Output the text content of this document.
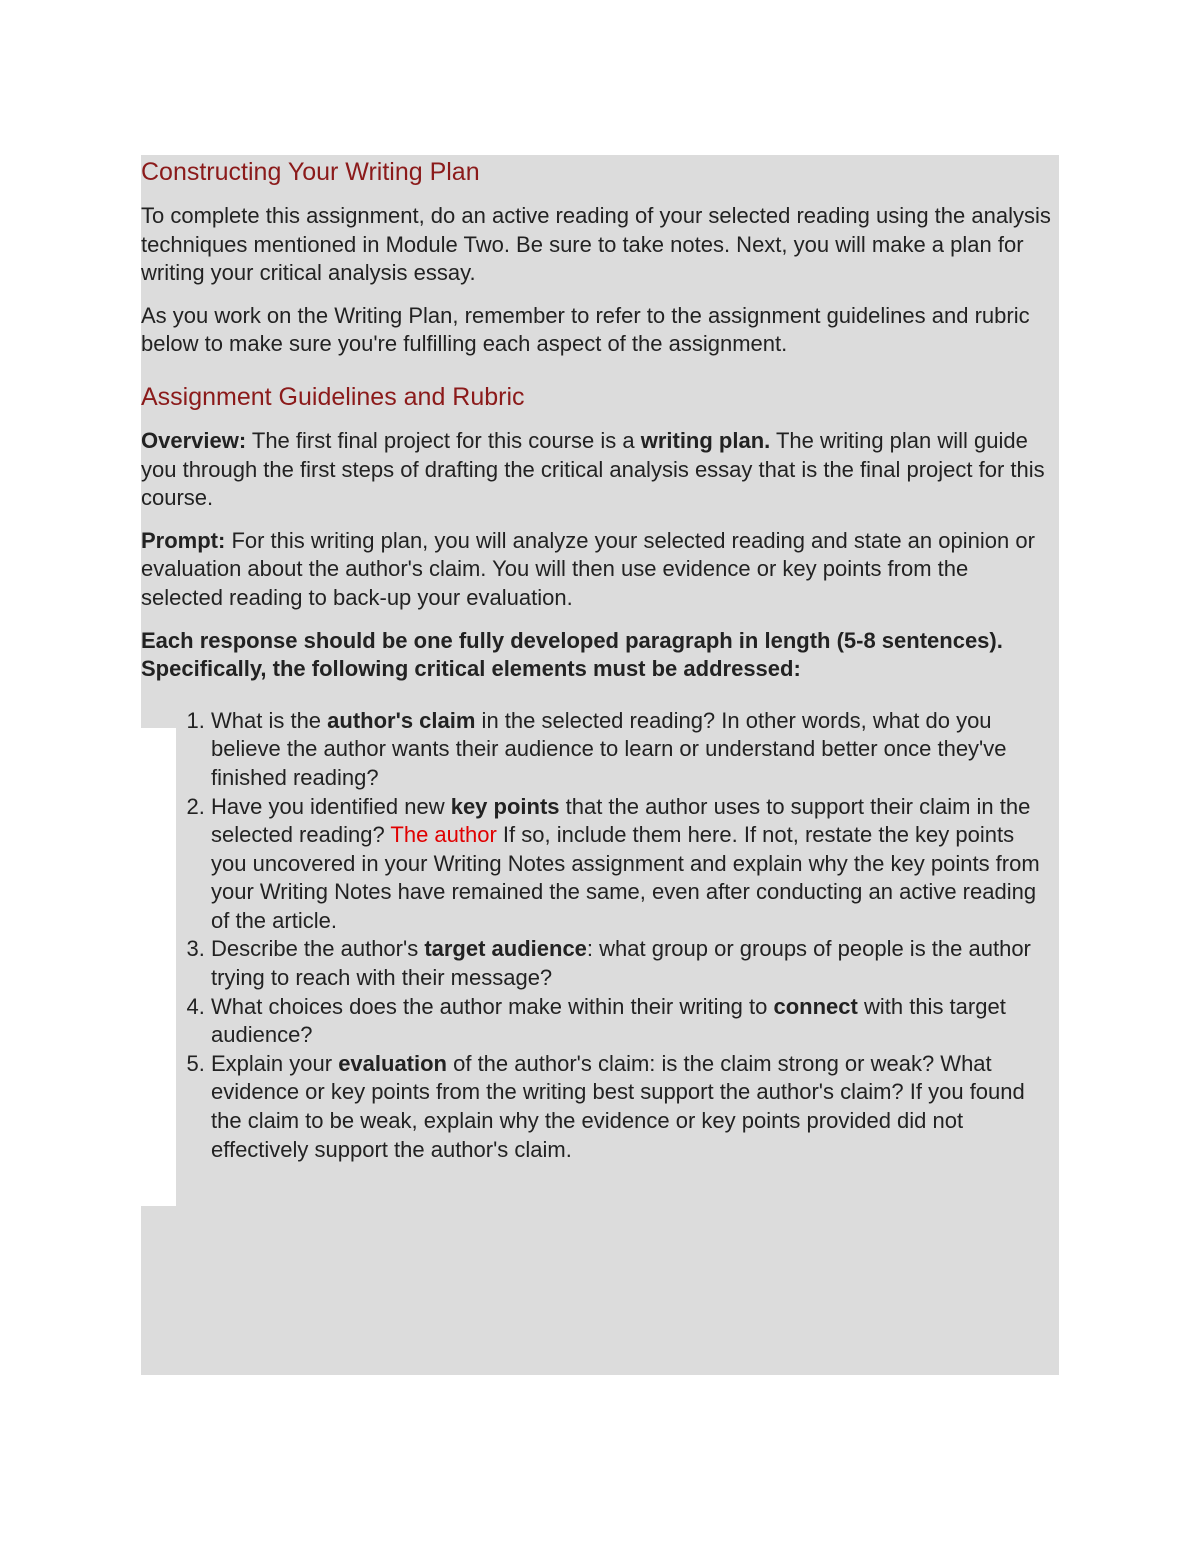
Constructing Your Writing Plan

To complete this assignment, do an active reading of your selected reading using the analysis techniques mentioned in Module Two. Be sure to take notes. Next, you will make a plan for writing your critical analysis essay.

As you work on the Writing Plan, remember to refer to the assignment guidelines and rubric below to make sure you're fulfilling each aspect of the assignment.

Assignment Guidelines and Rubric

Overview: The first final project for this course is a writing plan. The writing plan will guide you through the first steps of drafting the critical analysis essay that is the final project for this course.

Prompt: For this writing plan, you will analyze your selected reading and state an opinion or evaluation about the author's claim. You will then use evidence or key points from the selected reading to back-up your evaluation.

Each response should be one fully developed paragraph in length (5-8 sentences). Specifically, the following critical elements must be addressed:

1. What is the author's claim in the selected reading? In other words, what do you believe the author wants their audience to learn or understand better once they've finished reading?
2. Have you identified new key points that the author uses to support their claim in the selected reading? The author If so, include them here. If not, restate the key points you uncovered in your Writing Notes assignment and explain why the key points from your Writing Notes have remained the same, even after conducting an active reading of the article.
3. Describe the author's target audience: what group or groups of people is the author trying to reach with their message?
4. What choices does the author make within their writing to connect with this target audience?
5. Explain your evaluation of the author's claim: is the claim strong or weak? What evidence or key points from the writing best support the author's claim? If you found the claim to be weak, explain why the evidence or key points provided did not effectively support the author's claim.
